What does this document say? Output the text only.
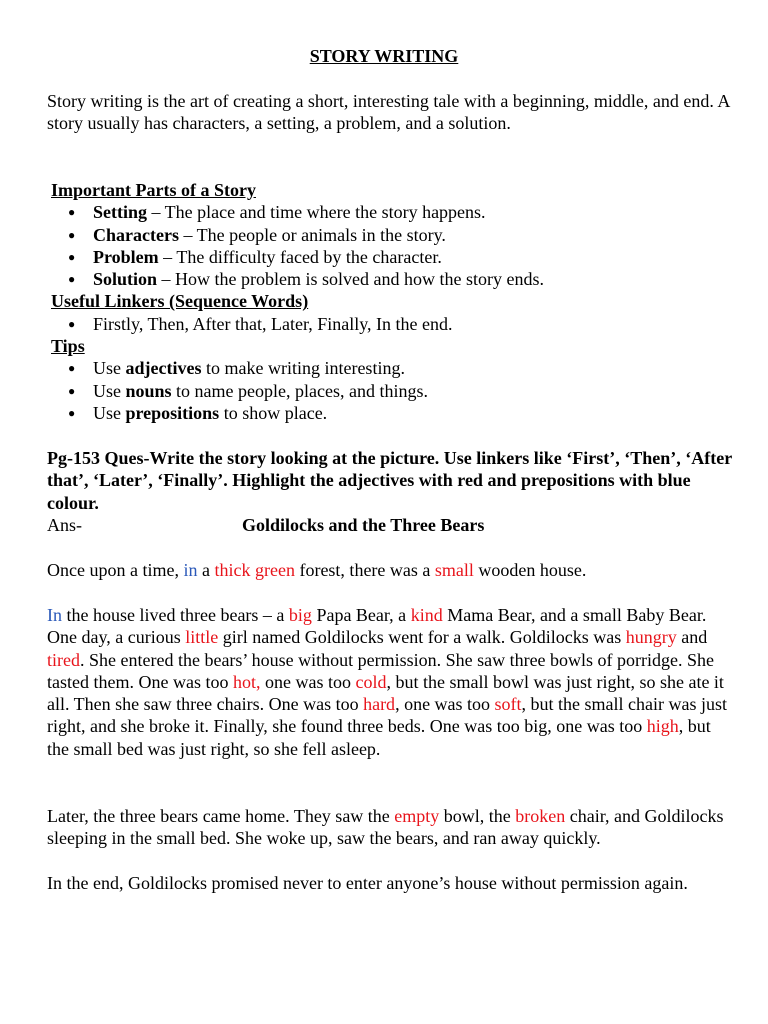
STORY WRITING

Story writing is the art of creating a short, interesting tale with a beginning, middle, and end. A story usually has characters, a setting, a problem, and a solution.

Important Parts of a Story

● Setting – The place and time where the story happens.
● Characters – The people or animals in the story.
● Problem – The difficulty faced by the character.
● Solution – How the problem is solved and how the story ends.

Useful Linkers (Sequence Words)

● Firstly, Then, After that, Later, Finally, In the end.

Tips

● Use adjectives to make writing interesting.
● Use nouns to name people, places, and things.
● Use prepositions to show place.

Pg-153 Ques-Write the story looking at the picture. Use linkers like ‘First’, ‘Then’, ‘After that’, ‘Later’, ‘Finally’. Highlight the adjectives with red and prepositions with blue colour.

Ans-	Goldilocks and the Three Bears

Once upon a time, in a thick green forest, there was a small wooden house.

In the house lived three bears – a big Papa Bear, a kind Mama Bear, and a small Baby Bear. One day, a curious little girl named Goldilocks went for a walk. Goldilocks was hungry and tired. She entered the bears’ house without permission. She saw three bowls of porridge. She tasted them. One was too hot, one was too cold, but the small bowl was just right, so she ate it all. Then she saw three chairs. One was too hard, one was too soft, but the small chair was just right, and she broke it. Finally, she found three beds. One was too big, one was too high, but the small bed was just right, so she fell asleep.

Later, the three bears came home. They saw the empty bowl, the broken chair, and Goldilocks sleeping in the small bed. She woke up, saw the bears, and ran away quickly.

In the end, Goldilocks promised never to enter anyone’s house without permission again.
